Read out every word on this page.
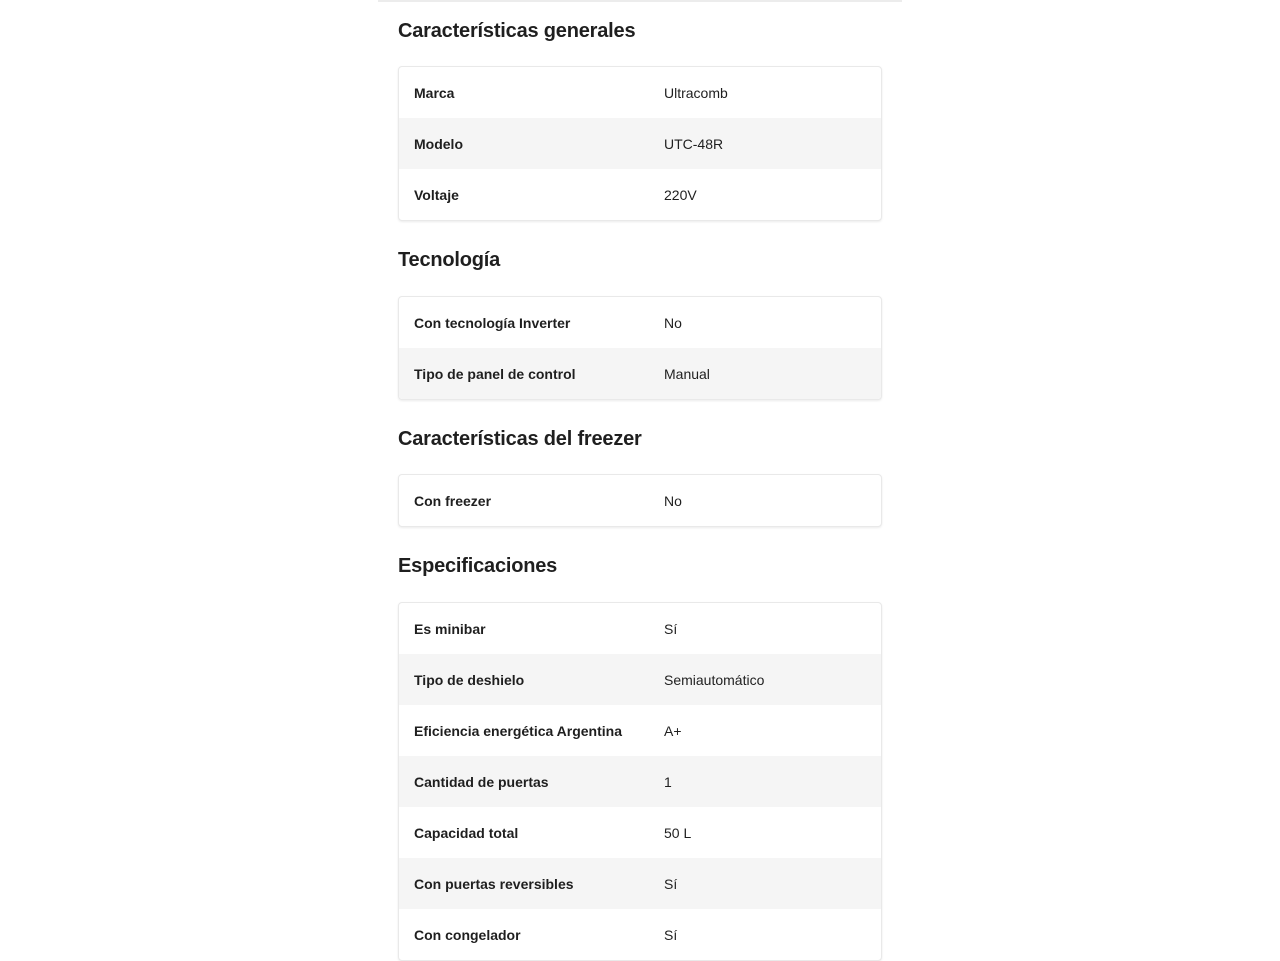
Características generales
Marca	Ultracomb
Modelo	UTC-48R
Voltaje	220V
Tecnología
Con tecnología Inverter	No
Tipo de panel de control	Manual
Características del freezer
Con freezer	No
Especificaciones
Es minibar	Sí
Tipo de deshielo	Semiautomático
Eficiencia energética Argentina	A+
Cantidad de puertas	1
Capacidad total	50 L
Con puertas reversibles	Sí
Con congelador	Sí
